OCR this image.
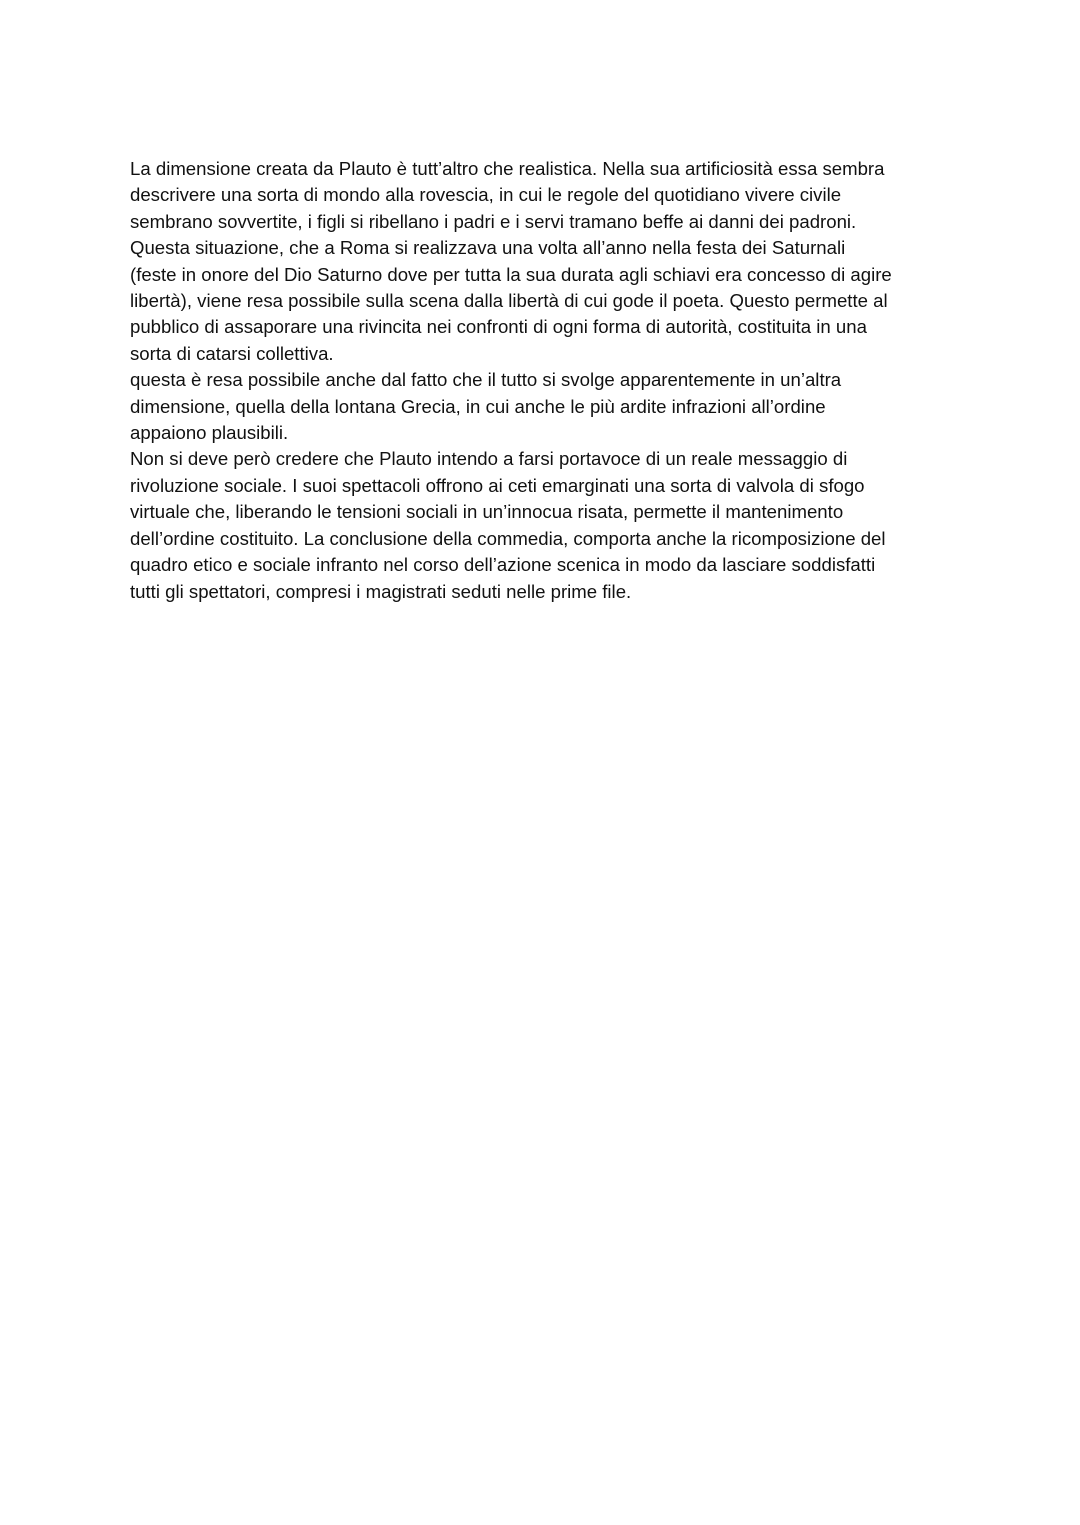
La dimensione creata da Plauto è tutt’altro che realistica. Nella sua artificiosità essa sembra
descrivere una sorta di mondo alla rovescia, in cui le regole del quotidiano vivere civile
sembrano sovvertite, i figli si ribellano i padri e i servi tramano beffe ai danni dei padroni.
Questa situazione, che a Roma si realizzava una volta all’anno nella festa dei Saturnali
(feste in onore del Dio Saturno dove per tutta la sua durata agli schiavi era concesso di agire
libertà), viene resa possibile sulla scena dalla libertà di cui gode il poeta. Questo permette al
pubblico di assaporare una rivincita nei confronti di ogni forma di autorità, costituita in una
sorta di catarsi collettiva.
questa è resa possibile anche dal fatto che il tutto si svolge apparentemente in un’altra
dimensione, quella della lontana Grecia, in cui anche le più ardite infrazioni all’ordine
appaiono plausibili.
Non si deve però credere che Plauto intendo a farsi portavoce di un reale messaggio di
rivoluzione sociale. I suoi spettacoli offrono ai ceti emarginati una sorta di valvola di sfogo
virtuale che, liberando le tensioni sociali in un’innocua risata, permette il mantenimento
dell’ordine costituito. La conclusione della commedia, comporta anche la ricomposizione del
quadro etico e sociale infranto nel corso dell’azione scenica in modo da lasciare soddisfatti
tutti gli spettatori, compresi i magistrati seduti nelle prime file.
